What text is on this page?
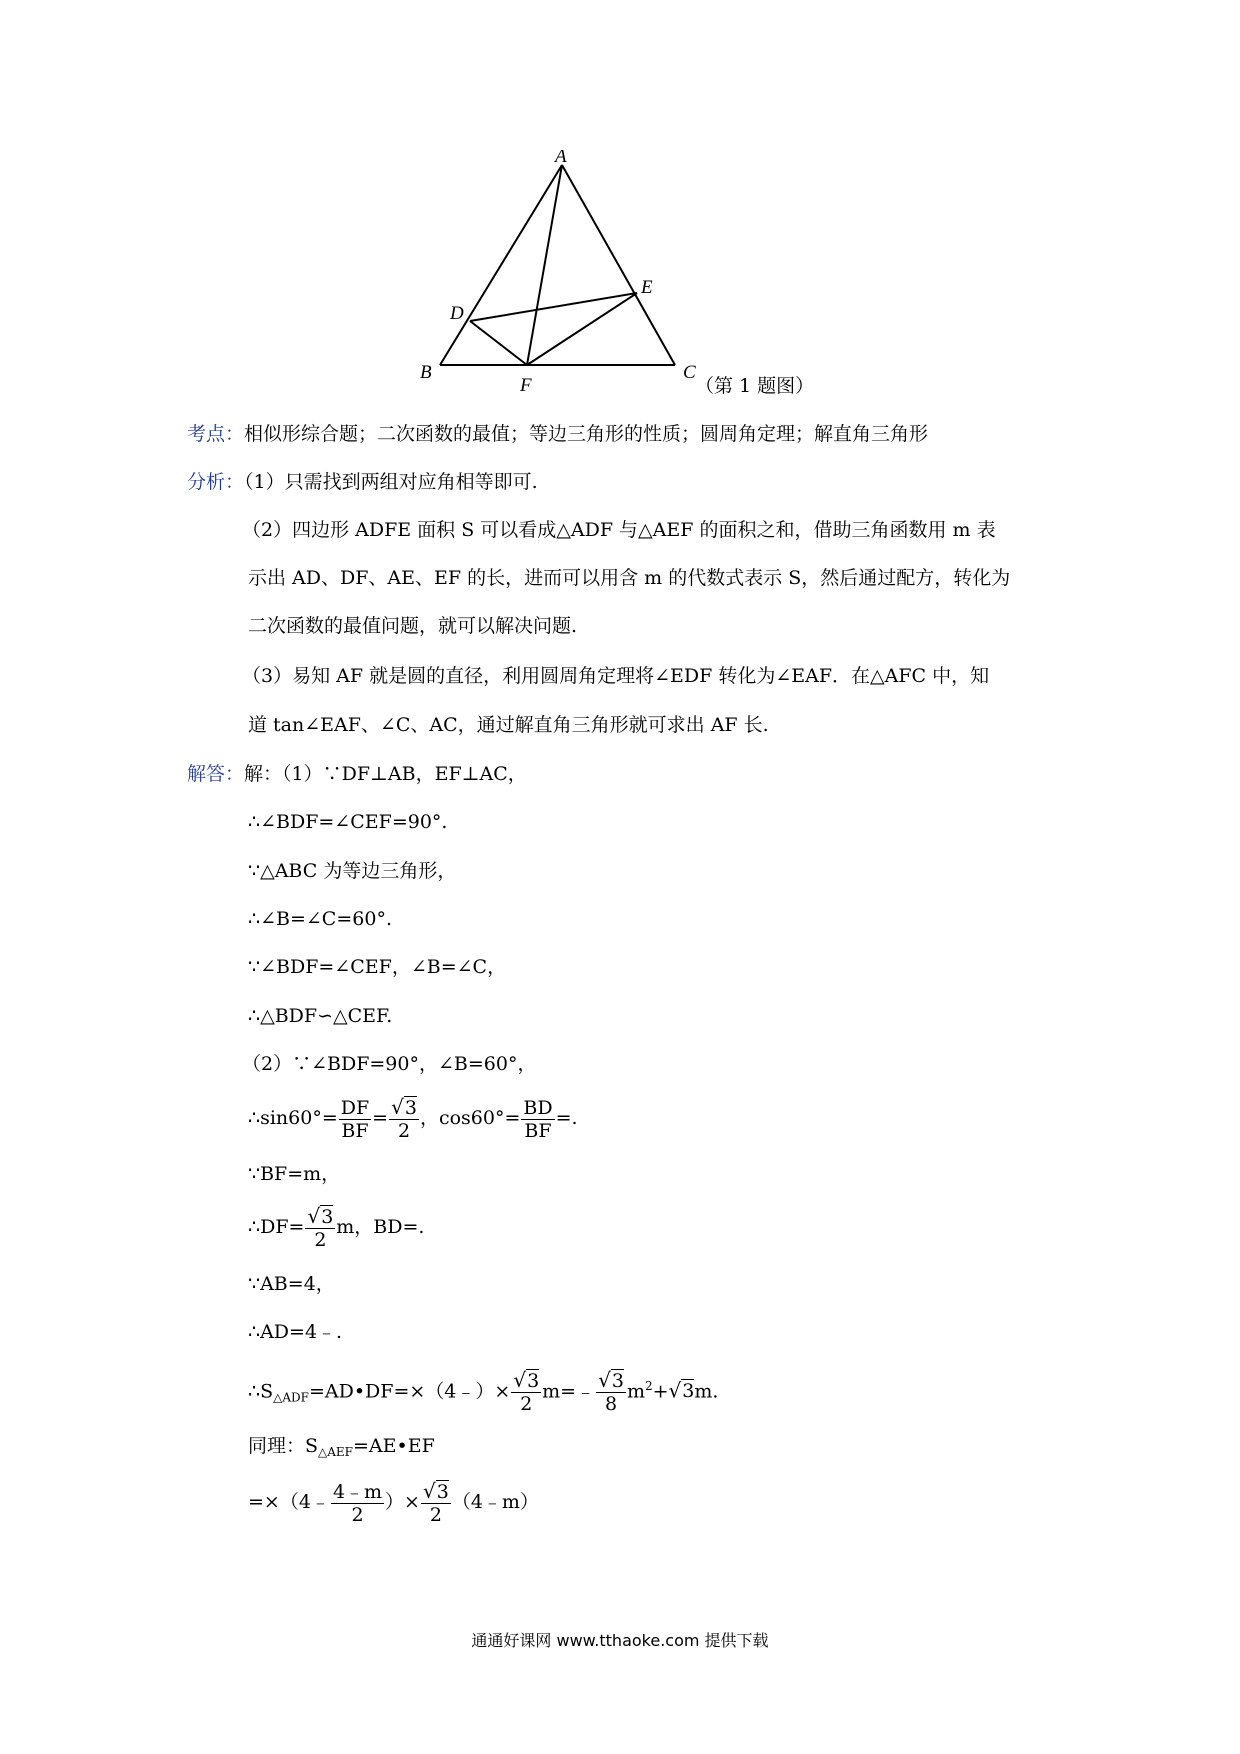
A
B	C
D
E
F	（第 1 题图）
考点：相似形综合题；二次函数的最值；等边三角形的性质；圆周角定理；解直角三角形
分析：（1）只需找到两组对应角相等即可.
（2）四边形 ADFE 面积 S 可以看成△ADF 与△AEF 的面积之和，借助三角函数用 m 表
示出 AD、DF、AE、EF 的长，进而可以用含 m 的代数式表示 S，然后通过配方，转化为
二次函数的最值问题，就可以解决问题.
（3）易知 AF 就是圆的直径，利用圆周角定理将∠EDF 转化为∠EAF．在△AFC 中，知
道 tan∠EAF、∠C、AC，通过解直角三角形就可求出 AF 长.
解答：解：（1）∵DF⊥AB，EF⊥AC，
∴∠BDF=∠CEF=90°.
∵△ABC 为等边三角形，
∴∠B=∠C=60°.
∵∠BDF=∠CEF，∠B=∠C，
∴△BDF∽△CEF.
（2）∵∠BDF=90°，∠B=60°，
∴sin60°= $\frac{DF}{BF} = \frac{√3}{2}$ ，$\cos 60^\circ= \frac{BD}{BF}$ =.
∵BF=m，
∴DF= $\frac{√3}{2}$ m，BD=.
∵AB=4，
∴AD=4﹣.
$\therefore S_{\triangle ADF}=AD•DF=\times(4﹣)\times \frac{√3}{2}$ m=﹣ $\frac{√3}{8} m^2+√3m$.
同理：$S_{\triangle AEF}=AE•EF$
=×（4﹣ $\frac{4﹣m}{2}$ ）× $\frac{√3}{2}$ （4﹣m）
通通好课网 www.tthaoke.com 提供下载
